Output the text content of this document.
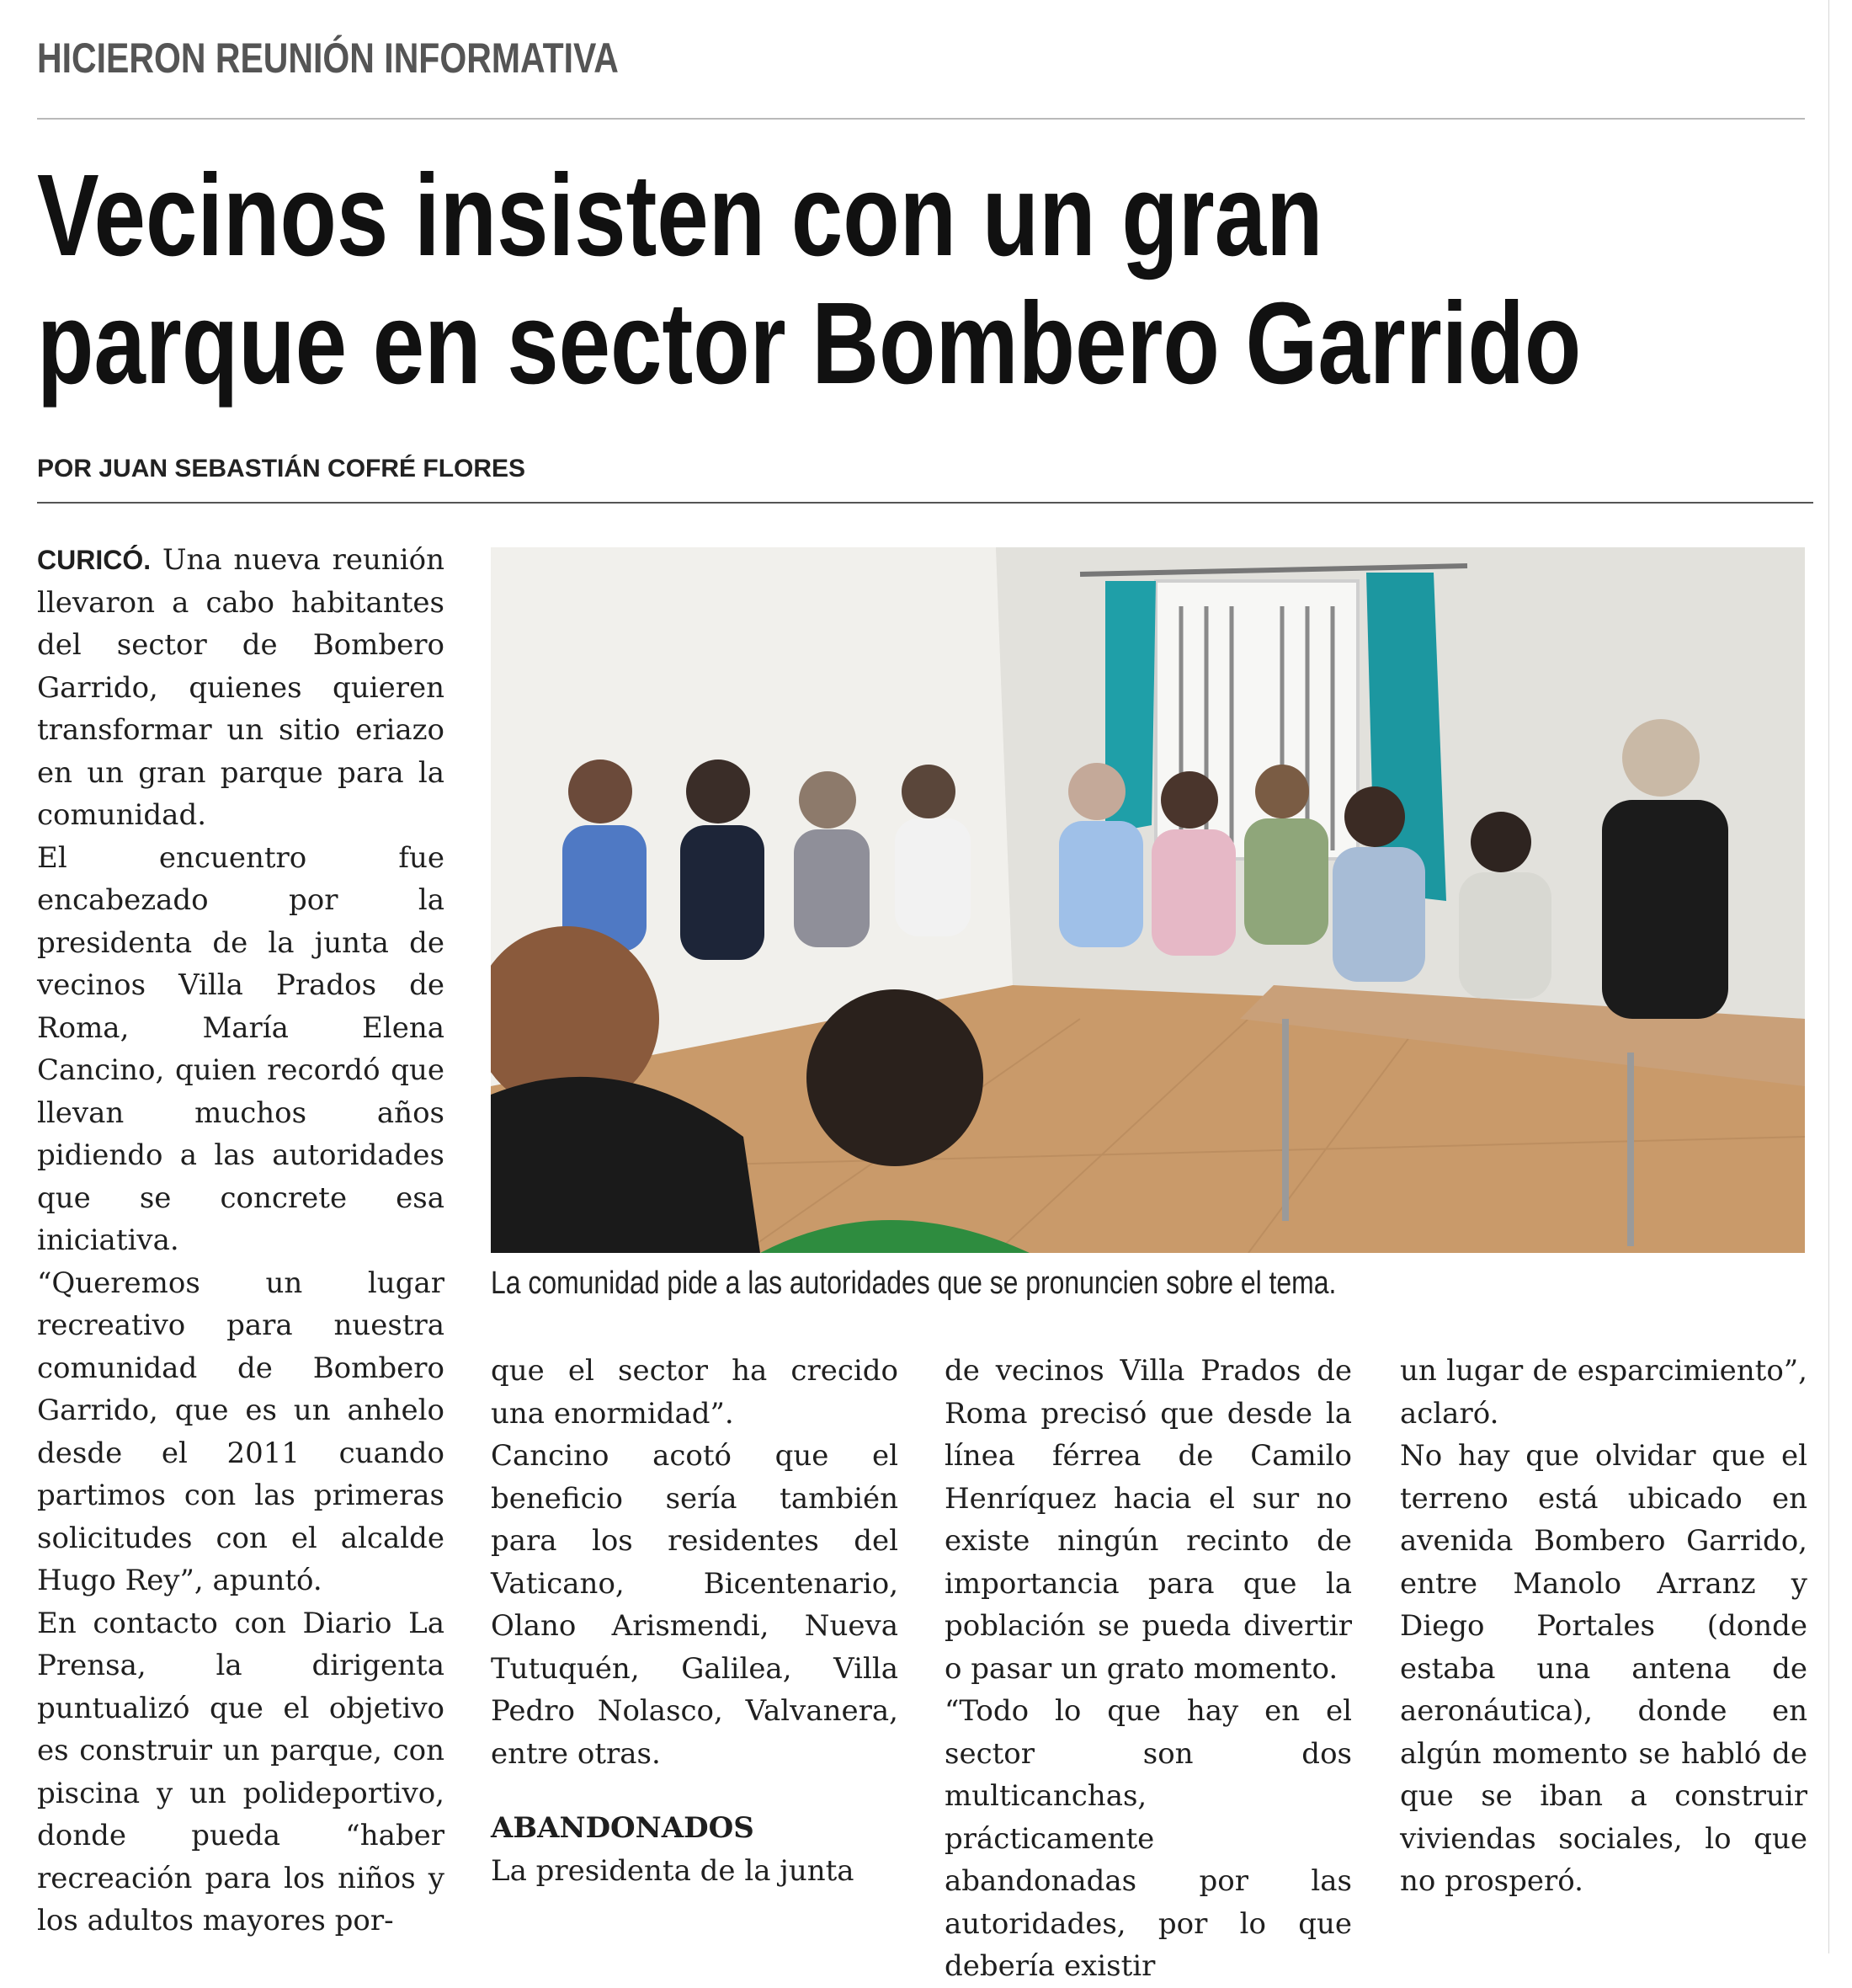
HICIERON REUNIÓN INFORMATIVA
Vecinos insisten con un gran
parque en sector Bombero Garrido
POR JUAN SEBASTIÁN COFRÉ FLORES

CURICÓ. Una nueva reunión llevaron a cabo habitantes del sector de Bombero Garrido, quienes quieren transformar un sitio eriazo en un gran parque para la comunidad.

El encuentro fue encabezado por la presidenta de la junta de vecinos Villa Prados de Roma, María Elena Cancino, quien recordó que llevan muchos años pidiendo a las autoridades que se concrete esa iniciativa.

“Queremos un lugar recreativo para nuestra comunidad de Bombero Garrido, que es un anhelo desde el 2011 cuando partimos con las primeras solicitudes con el alcalde Hugo Rey”, apuntó.

En contacto con Diario La Prensa, la dirigenta puntualizó que el objetivo es construir un parque, con piscina y un polideportivo, donde pueda “haber recreación para los niños y los adultos mayores por-

La comunidad pide a las autoridades que se pronuncien sobre el tema.

que el sector ha crecido una enormidad”.

Cancino acotó que el beneficio sería también para los residentes del Vaticano, Bicentenario, Olano Arismendi, Nueva Tutuquén, Galilea, Villa Pedro Nolasco, Valvanera, entre otras.

ABANDONADOS

La presidenta de la junta

de vecinos Villa Prados de Roma precisó que desde la línea férrea de Camilo Henríquez hacia el sur no existe ningún recinto de importancia para que la población se pueda divertir o pasar un grato momento.

“Todo lo que hay en el sector son dos multicanchas, prácticamente abandonadas por las autoridades, por lo que debería existir

un lugar de esparcimiento”, aclaró.

No hay que olvidar que el terreno está ubicado en avenida Bombero Garrido, entre Manolo Arranz y Diego Portales (donde estaba una antena de aeronáutica), donde en algún momento se habló de que se iban a construir viviendas sociales, lo que no prosperó.
